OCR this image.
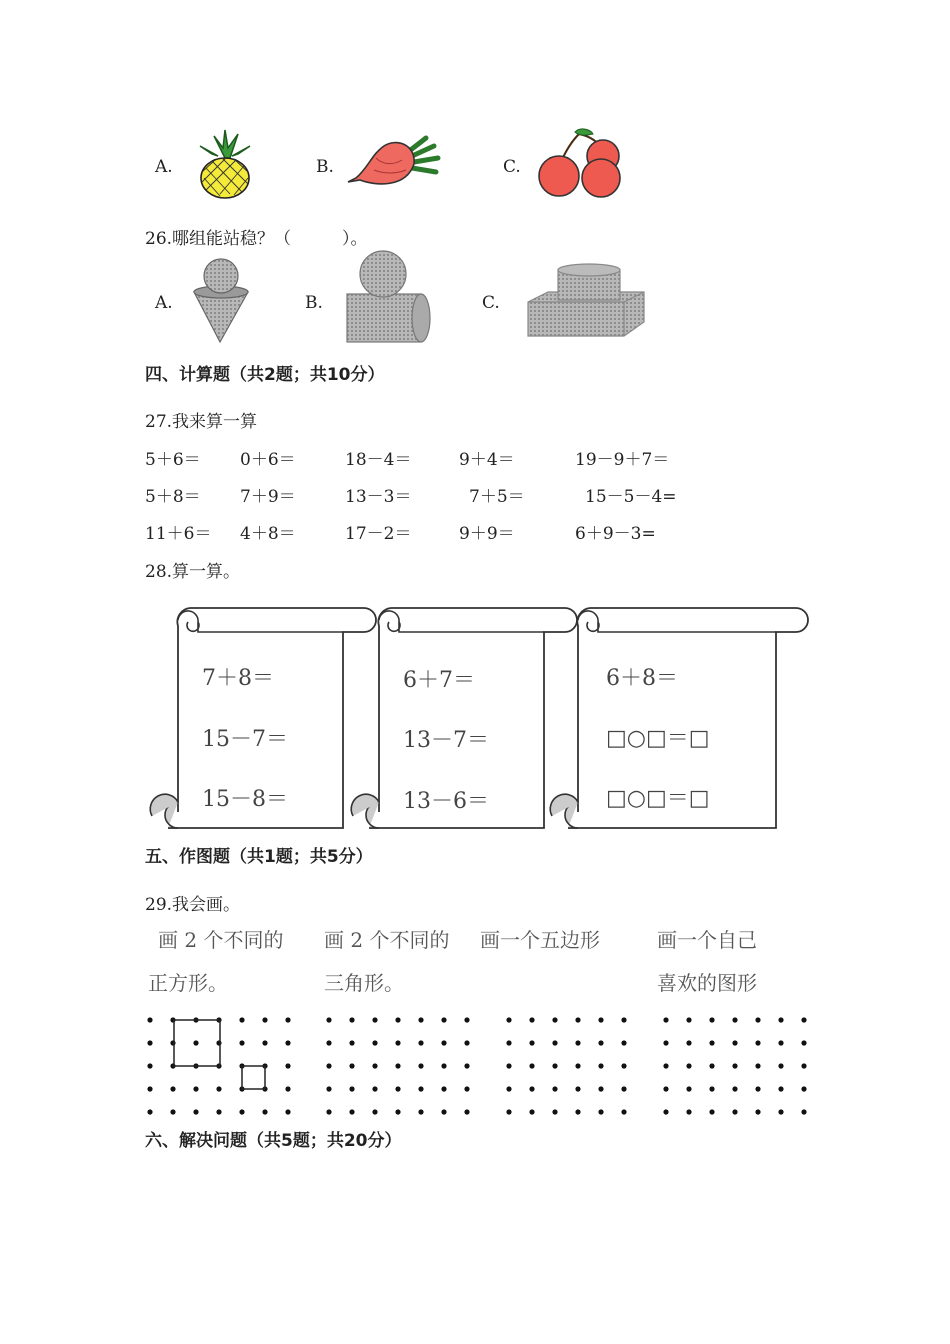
A.	B.	C.
26.哪组能站稳？（　　　）。
A.	B.	C.
四、计算题（共2题；共10分）
27.我来算一算
5＋6＝ 0＋6＝	18－4＝	9＋4＝	19－9＋7＝
5＋8＝ 7＋9＝	13－3＝	7＋5＝	15－5－4=
11＋6＝ 4＋8＝	17－2＝	9＋9＝	6＋9－3=
28.算一算。
7＋8＝
15－7＝
15－8＝
6＋7＝
13－7＝
13－6＝
6＋8＝
□○□＝□
□○□＝□
五、作图题（共1题；共5分）
29.我会画。
画 2 个不同的
正方形。
画 2 个不同的
三角形。
画一个五边形	画一个自己
喜欢的图形
六、解决问题（共5题；共20分）
